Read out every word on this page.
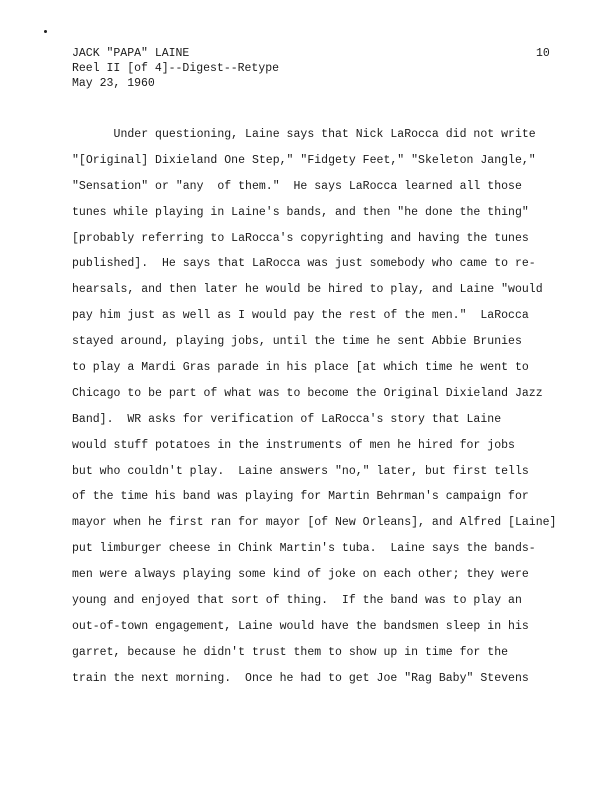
JACK "PAPA" LAINE
Reel II [of 4]--Digest--Retype
May 23, 1960
10
Under questioning, Laine says that Nick LaRocca did not write
"[Original] Dixieland One Step," "Fidgety Feet," "Skeleton Jangle,"
"Sensation" or "any  of them."  He says LaRocca learned all those
tunes while playing in Laine's bands, and then "he done the thing"
[probably referring to LaRocca's copyrighting and having the tunes
published].  He says that LaRocca was just somebody who came to re-
hearsals, and then later he would be hired to play, and Laine "would
pay him just as well as I would pay the rest of the men."  LaRocca
stayed around, playing jobs, until the time he sent Abbie Brunies
to play a Mardi Gras parade in his place [at which time he went to
Chicago to be part of what was to become the Original Dixieland Jazz
Band].  WR asks for verification of LaRocca's story that Laine
would stuff potatoes in the instruments of men he hired for jobs
but who couldn't play.  Laine answers "no," later, but first tells
of the time his band was playing for Martin Behrman's campaign for
mayor when he first ran for mayor [of New Orleans], and Alfred [Laine]
put limburger cheese in Chink Martin's tuba.  Laine says the bands-
men were always playing some kind of joke on each other; they were
young and enjoyed that sort of thing.  If the band was to play an
out-of-town engagement, Laine would have the bandsmen sleep in his
garret, because he didn't trust them to show up in time for the
train the next morning.  Once he had to get Joe "Rag Baby" Stevens
